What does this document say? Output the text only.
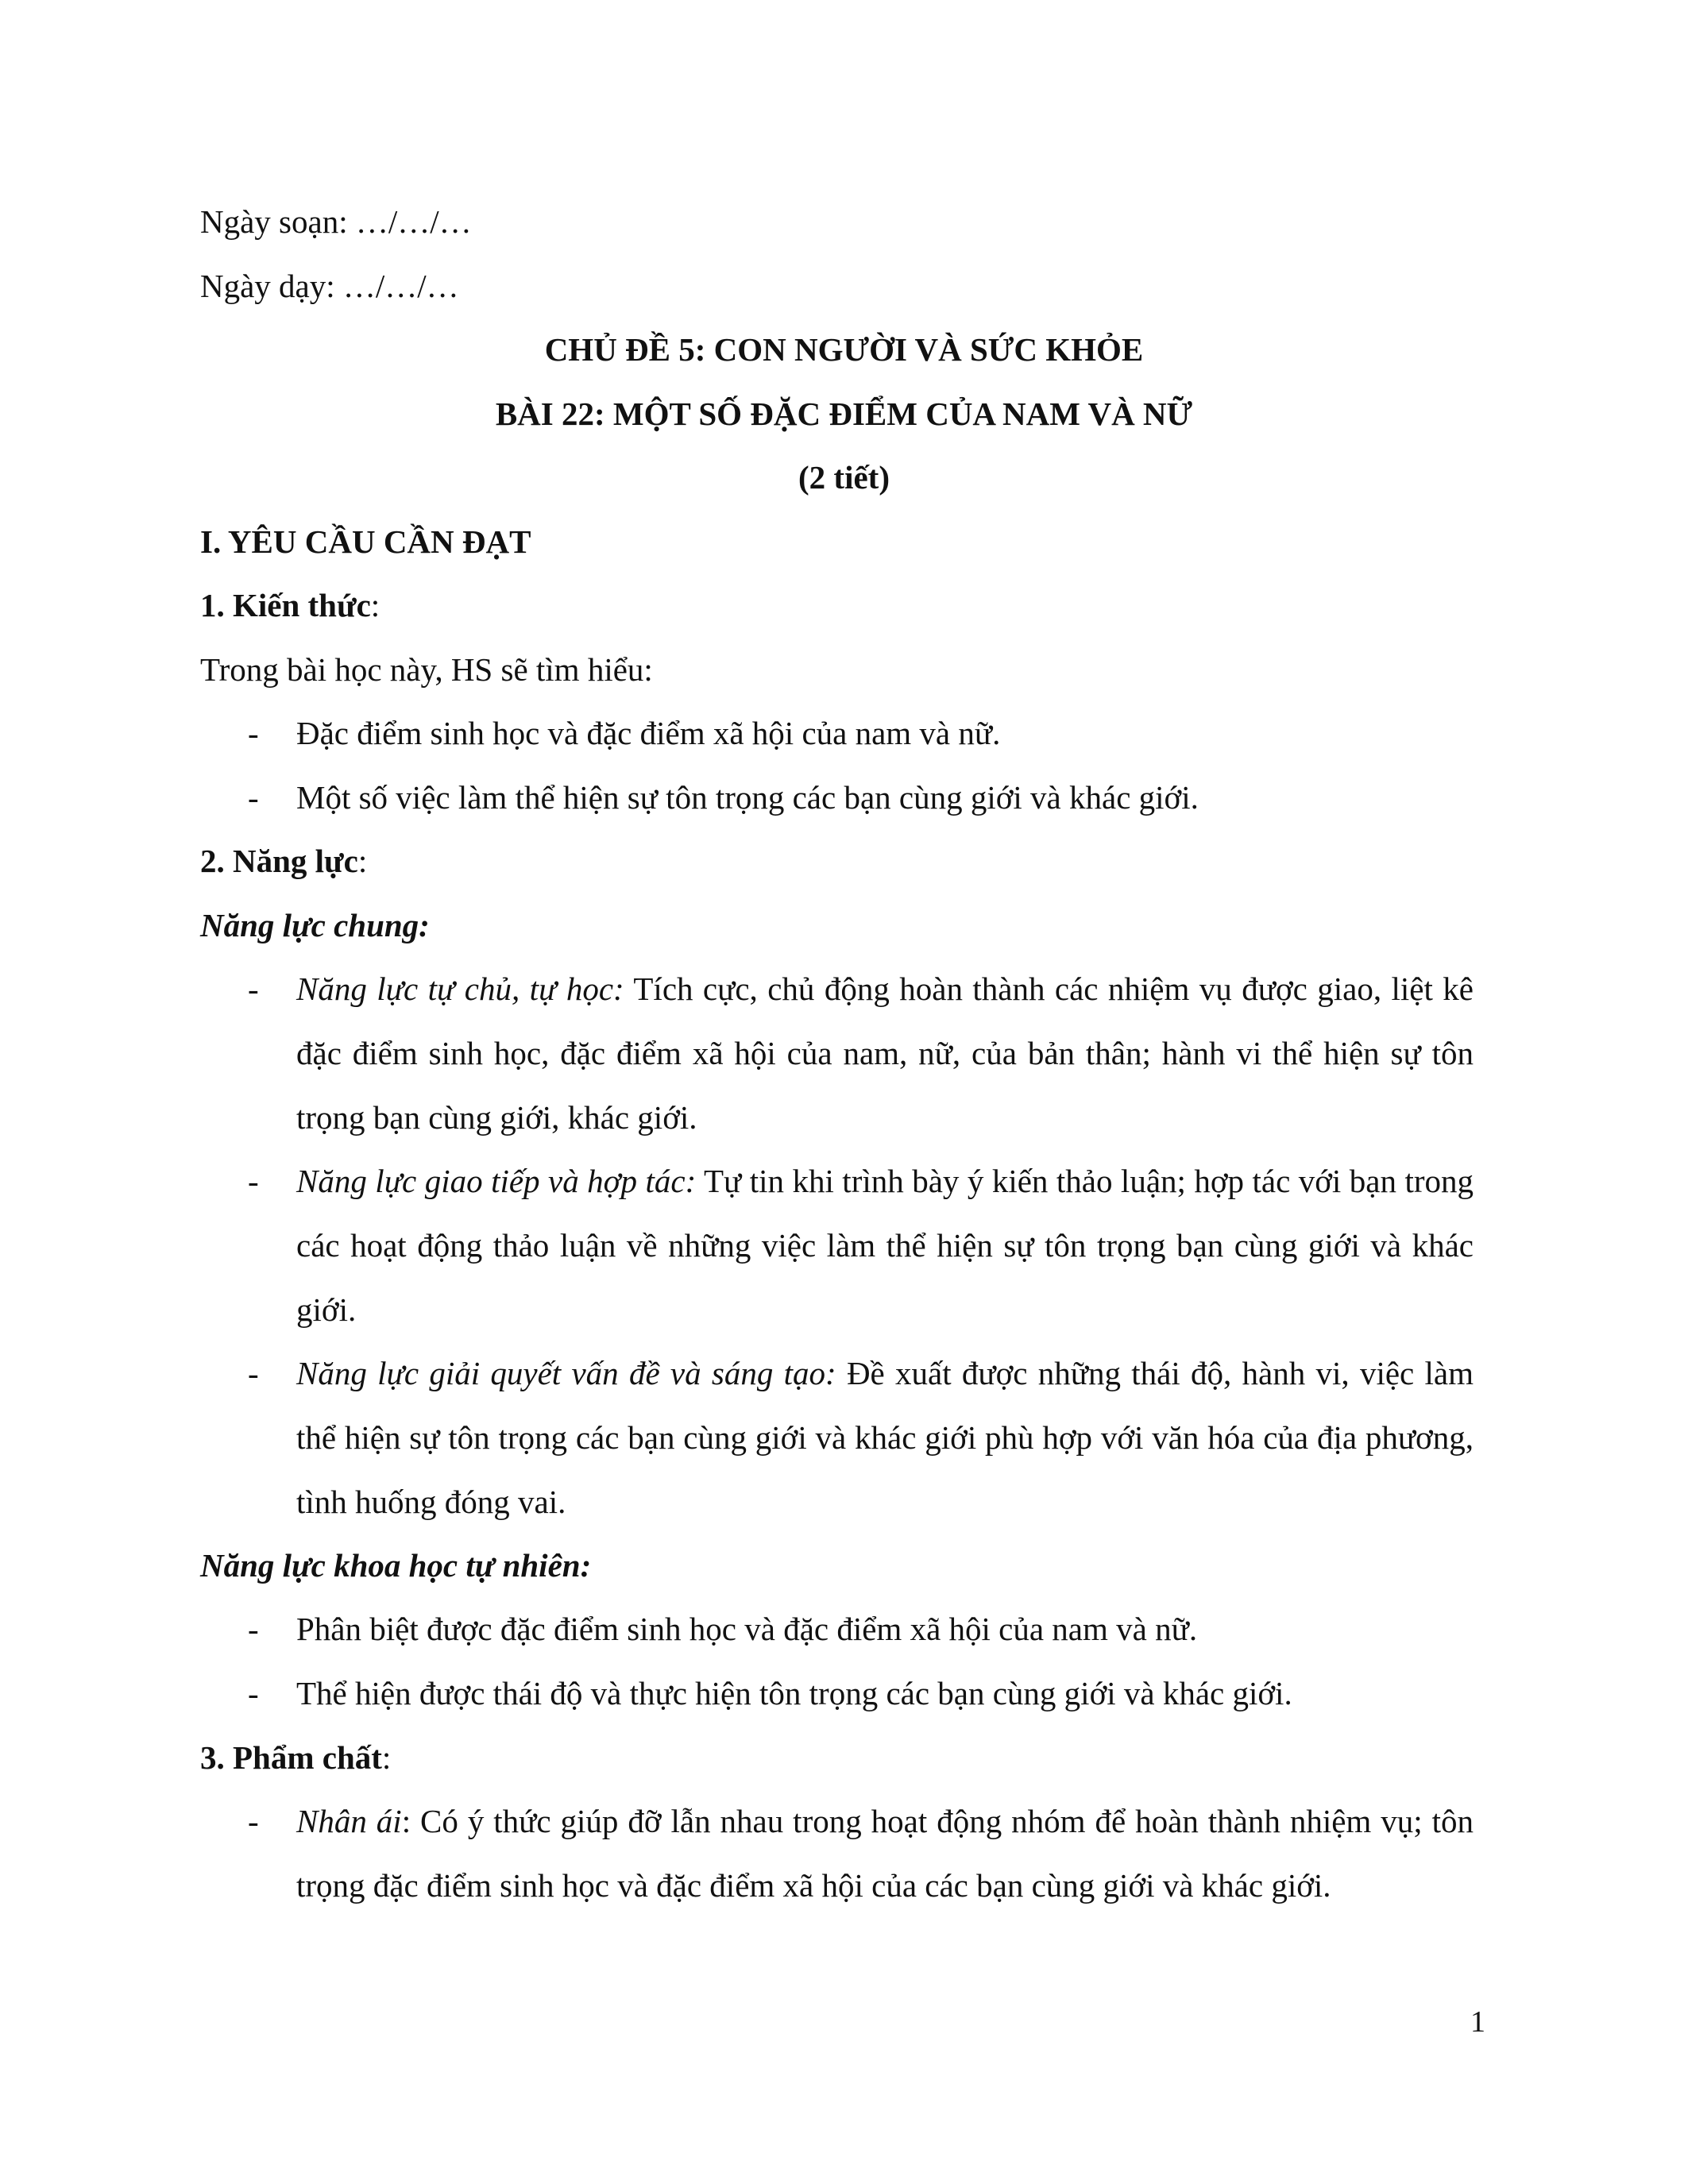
Ngày soạn: …/…/…
Ngày dạy: …/…/…
CHỦ ĐỀ 5: CON NGƯỜI VÀ SỨC KHỎE
BÀI 22: MỘT SỐ ĐẶC ĐIỂM CỦA NAM VÀ NỮ
(2 tiết)
I. YÊU CẦU CẦN ĐẠT
1. Kiến thức:
Trong bài học này, HS sẽ tìm hiểu:
- Đặc điểm sinh học và đặc điểm xã hội của nam và nữ.
- Một số việc làm thể hiện sự tôn trọng các bạn cùng giới và khác giới.
2. Năng lực:
Năng lực chung:
- Năng lực tự chủ, tự học: Tích cực, chủ động hoàn thành các nhiệm vụ được giao, liệt kê đặc điểm sinh học, đặc điểm xã hội của nam, nữ, của bản thân; hành vi thể hiện sự tôn trọng bạn cùng giới, khác giới.
- Năng lực giao tiếp và hợp tác: Tự tin khi trình bày ý kiến thảo luận; hợp tác với bạn trong các hoạt động thảo luận về những việc làm thể hiện sự tôn trọng bạn cùng giới và khác giới.
- Năng lực giải quyết vấn đề và sáng tạo: Đề xuất được những thái độ, hành vi, việc làm thể hiện sự tôn trọng các bạn cùng giới và khác giới phù hợp với văn hóa của địa phương, tình huống đóng vai.
Năng lực khoa học tự nhiên:
- Phân biệt được đặc điểm sinh học và đặc điểm xã hội của nam và nữ.
- Thể hiện được thái độ và thực hiện tôn trọng các bạn cùng giới và khác giới.
3. Phẩm chất:
- Nhân ái: Có ý thức giúp đỡ lẫn nhau trong hoạt động nhóm để hoàn thành nhiệm vụ; tôn trọng đặc điểm sinh học và đặc điểm xã hội của các bạn cùng giới và khác giới.
1
